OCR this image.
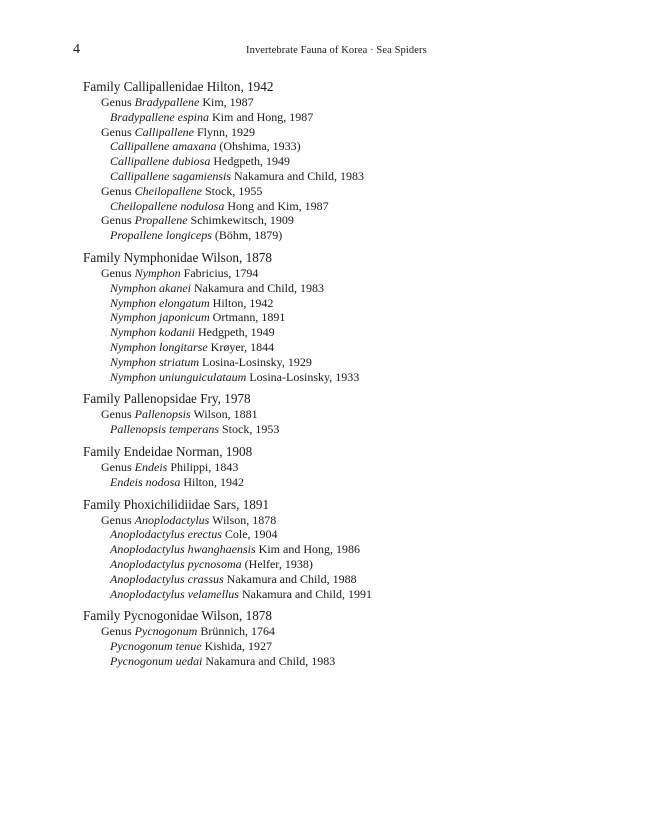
4	Invertebrate Fauna of Korea · Sea Spiders
Family Callipallenidae Hilton, 1942
Genus Bradypallene Kim, 1987
Bradypallene espina Kim and Hong, 1987
Genus Callipallene Flynn, 1929
Callipallene amaxana (Ohshima, 1933)
Callipallene dubiosa Hedgpeth, 1949
Callipallene sagamiensis Nakamura and Child, 1983
Genus Cheilopallene Stock, 1955
Cheilopallene nodulosa Hong and Kim, 1987
Genus Propallene Schimkewitsch, 1909
Propallene longiceps (Böhm, 1879)
Family Nymphonidae Wilson, 1878
Genus Nymphon Fabricius, 1794
Nymphon akanei Nakamura and Child, 1983
Nymphon elongatum Hilton, 1942
Nymphon japonicum Ortmann, 1891
Nymphon kodanii Hedgpeth, 1949
Nymphon longitarse Krøyer, 1844
Nymphon striatum Losina-Losinsky, 1929
Nymphon uniunguiculataum Losina-Losinsky, 1933
Family Pallenopsidae Fry, 1978
Genus Pallenopsis Wilson, 1881
Pallenopsis temperans Stock, 1953
Family Endeidae Norman, 1908
Genus Endeis Philippi, 1843
Endeis nodosa Hilton, 1942
Family Phoxichilidiidae Sars, 1891
Genus Anoplodactylus Wilson, 1878
Anoplodactylus erectus Cole, 1904
Anoplodactylus hwanghaensis Kim and Hong, 1986
Anoplodactylus pycnosoma (Helfer, 1938)
Anoplodactylus crassus Nakamura and Child, 1988
Anoplodactylus velamellus Nakamura and Child, 1991
Family Pycnogonidae Wilson, 1878
Genus Pycnogonum Brünnich, 1764
Pycnogonum tenue Kishida, 1927
Pycnogonum uedai Nakamura and Child, 1983
